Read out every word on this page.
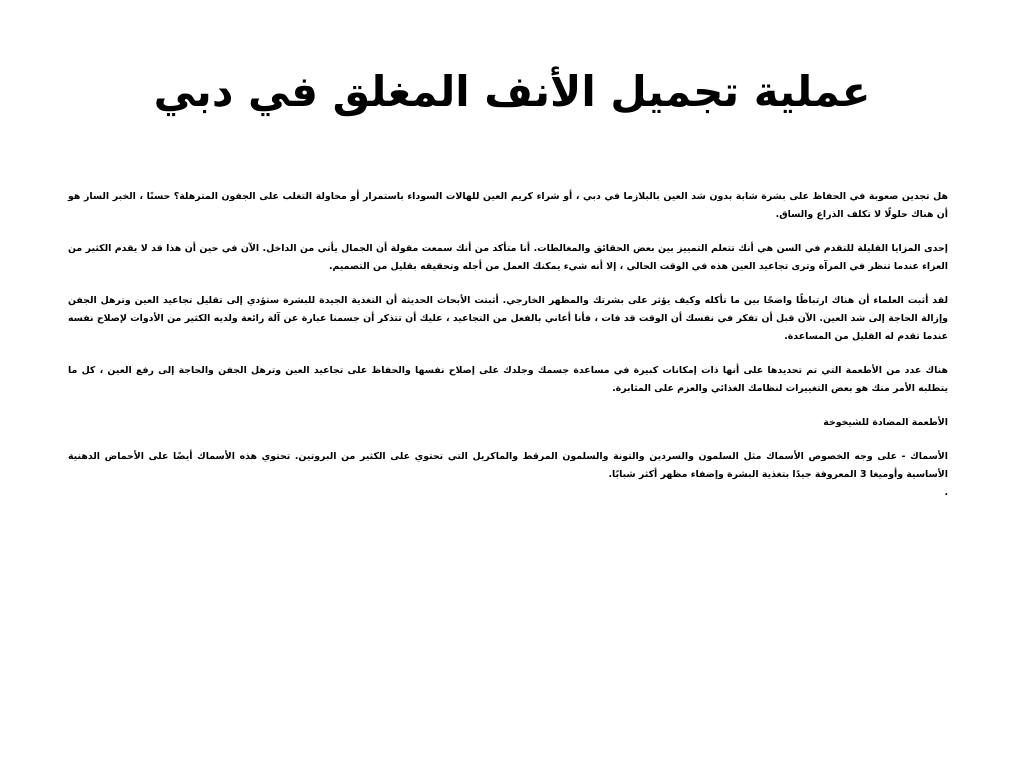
عملية تجميل الأنف المغلق في دبي

هل تجدين صعوبة في الحفاظ على بشرة شابة بدون شد العين بالبلازما في دبي ، أو شراء كريم العين للهالات السوداء باستمرار أو محاولة التغلب على الجفون المترهلة؟ حسنًا ، الخبر السار هو أن هناك حلولًا لا تكلف الذراع والساق.

إحدى المزايا القليلة للتقدم في السن هي أنك تتعلم التمييز بين بعض الحقائق والمغالطات. أنا متأكد من أنك سمعت مقولة أن الجمال يأتي من الداخل. الآن في حين أن هذا قد لا يقدم الكثير من العزاء عندما تنظر في المرآة وترى تجاعيد العين هذه في الوقت الحالي ، إلا أنه شيء يمكنك العمل من أجله وتحقيقه بقليل من التصميم.

لقد أثبت العلماء أن هناك ارتباطًا واضحًا بين ما تأكله وكيف يؤثر على بشرتك والمظهر الخارجي. أثبتت الأبحاث الحديثة أن التغذية الجيدة للبشرة ستؤدي إلى تقليل تجاعيد العين وترهل الجفن وإزالة الحاجة إلى شد العين. الآن قبل أن تفكر في نفسك أن الوقت قد فات ، فأنا أعاني بالفعل من التجاعيد ، عليك أن تتذكر أن جسمنا عبارة عن آلة رائعة ولديه الكثير من الأدوات لإصلاح نفسه عندما تقدم له القليل من المساعدة.

هناك عدد من الأطعمة التي تم تحديدها على أنها ذات إمكانات كبيرة في مساعدة جسمك وجلدك على إصلاح نفسها والحفاظ على تجاعيد العين وترهل الجفن والحاجة إلى رفع العين ، كل ما يتطلبه الأمر منك هو بعض التغييرات لنظامك الغذائي والعزم على المثابرة.

الأطعمة المضادة للشيخوخة

الأسماك - على وجه الخصوص الأسماك مثل السلمون والسردين والتونة والسلمون المرقط والماكريل التي تحتوي على الكثير من البروتين. تحتوي هذه الأسماك أيضًا على الأحماض الدهنية الأساسية وأوميغا 3 المعروفة جيدًا بتغذية البشرة وإضفاء مظهر أكثر شبابًا.

.
